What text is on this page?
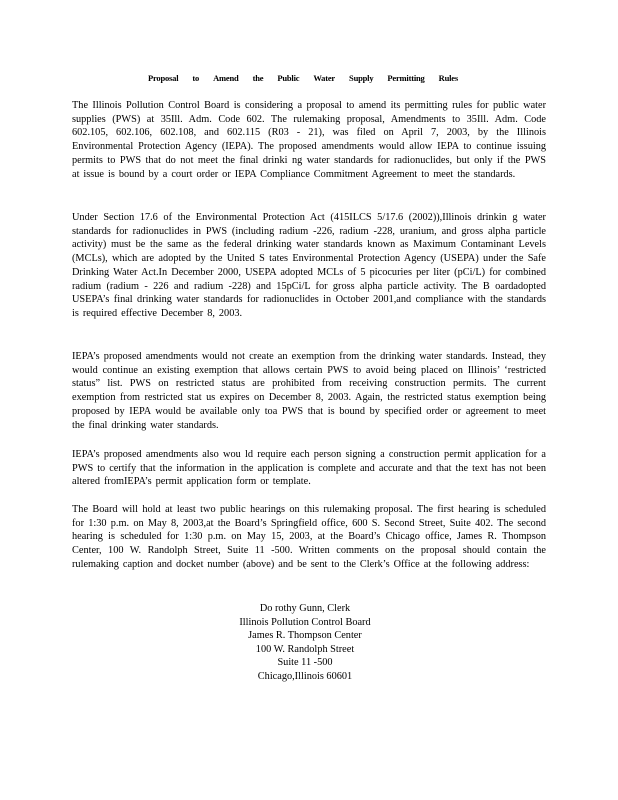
Proposal to Amend the Public Water Supply Permitting Rules
The Illinois Pollution Control Board is considering a proposal to amend its permitting rules for public water supplies (PWS) at 35Ill. Adm. Code 602. The rulemaking proposal, Amendments to 35Ill. Adm. Code 602.105, 602.106, 602.108, and 602.115 (R03 - 21), was filed on April 7, 2003, by the Illinois Environmental Protection Agency (IEPA). The proposed amendments would allow IEPA to continue issuing permits to PWS that do not meet the final drinki ng water standards for radionuclides, but only if the PWS at issue is bound by a court order or IEPA Compliance Commitment Agreement to meet the standards.
Under Section 17.6 of the Environmental Protection Act (415ILCS 5/17.6 (2002)),Illinois drinkin g water standards for radionuclides in PWS (including radium -226, radium -228, uranium, and gross alpha particle activity) must be the same as the federal drinking water standards known as Maximum Contaminant Levels (MCLs), which are adopted by the United S tates Environmental Protection Agency (USEPA) under the Safe Drinking Water Act.In December 2000, USEPA adopted MCLs of 5 picocuries per liter (pCi/L) for combined radium (radium - 226 and radium -228) and 15pCi/L for gross alpha particle activity. The B oardadopted USEPA’s final drinking water standards for radionuclides in October 2001,and compliance with the standards is required effective December 8, 2003.
IEPA’s proposed amendments would not create an exemption from the drinking water standards. Instead, they would continue an existing exemption that allows certain PWS to avoid being placed on Illinois’ ‘restricted status” list. PWS on restricted status are prohibited from receiving construction permits. The current exemption from restricted stat us expires on December 8, 2003. Again, the restricted status exemption being proposed by IEPA would be available only toa PWS that is bound by specified order or agreement to meet the final drinking water standards.
IEPA’s proposed amendments also wou ld require each person signing a construction permit application for a PWS to certify that the information in the application is complete and accurate and that the text has not been altered fromIEPA’s permit application form or template.
The Board will hold at least two public hearings on this rulemaking proposal. The first hearing is scheduled for 1:30 p.m. on May 8, 2003,at the Board’s Springfield office, 600 S. Second Street, Suite 402. The second hearing is scheduled for 1:30 p.m. on May 15, 2003, at the Board’s Chicago office, James R. Thompson Center, 100 W. Randolph Street, Suite 11 -500. Written comments on the proposal should contain the rulemaking caption and docket number (above) and be sent to the Clerk’s Office at the following address:
Do rothy Gunn, Clerk
Illinois Pollution Control Board
James R. Thompson Center
100 W. Randolph Street
Suite 11 -500
Chicago,Illinois 60601
